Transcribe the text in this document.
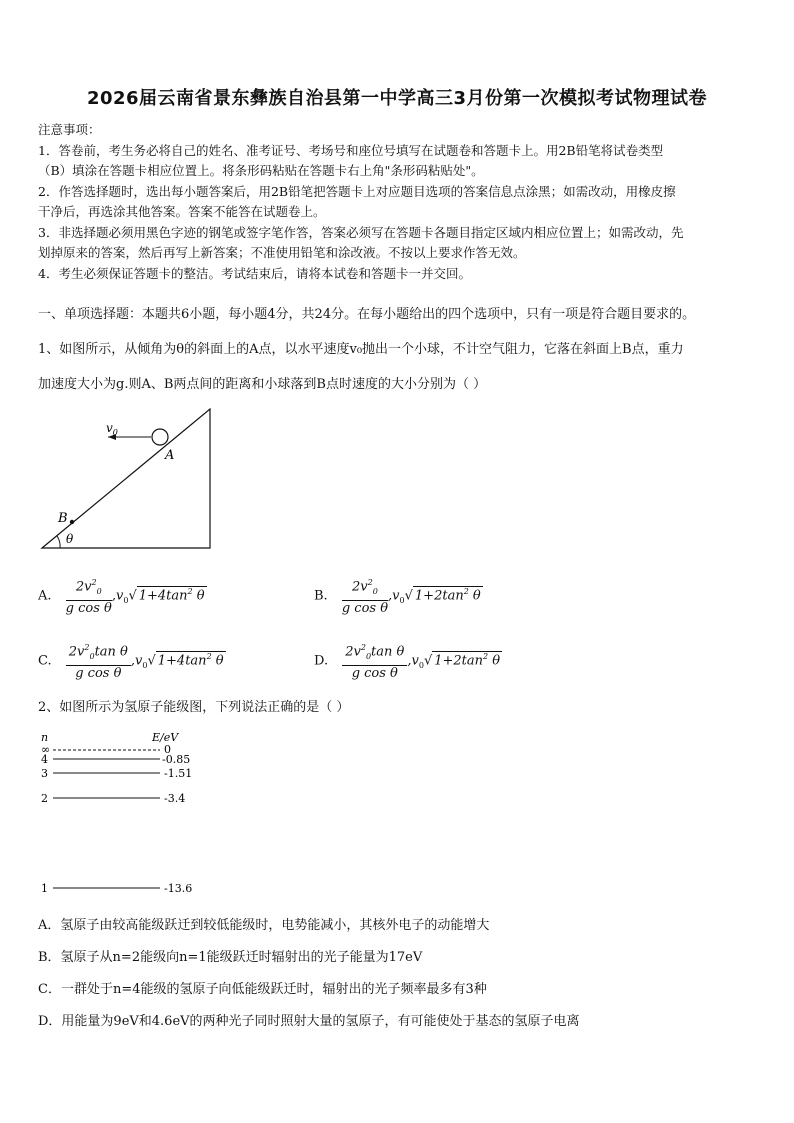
2026届云南省景东彝族自治县第一中学高三3月份第一次模拟考试物理试卷
注意事项：
1．答卷前，考生务必将自己的姓名、准考证号、考场号和座位号填写在试题卷和答题卡上。用2B铅笔将试卷类型
（B）填涂在答题卡相应位置上。将条形码粘贴在答题卡右上角"条形码粘贴处"。
2．作答选择题时，选出每小题答案后，用2B铅笔把答题卡上对应题目选项的答案信息点涂黑；如需改动，用橡皮擦
干净后，再选涂其他答案。答案不能答在试题卷上。
3．非选择题必须用黑色字迹的钢笔或签字笔作答，答案必须写在答题卡各题目指定区域内相应位置上；如需改动，先
划掉原来的答案，然后再写上新答案；不准使用铅笔和涂改液。不按以上要求作答无效。
4．考生必须保证答题卡的整洁。考试结束后，请将本试卷和答题卡一并交回。
一、单项选择题：本题共6小题，每小题4分，共24分。在每小题给出的四个选项中，只有一项是符合题目要求的。
1、如图所示，从倾角为θ的斜面上的A点，以水平速度v₀抛出一个小球，不计空气阻力，它落在斜面上B点，重力
加速度大小为g.则A、B两点间的距离和小球落到B点时速度的大小分别为（ ）
$v_0$
A
B
θ
A. $\frac{2v^2_0}{\text{g cos θ}} ,v_0√$ $1+4\tan^2$ θ	B. $\frac{2v^2_0}{\text{g cos θ}} ,v_0√$ $1+2\tan^2$ θ
C. $\frac{2v^2_0\tan \theta}{\text{g cos θ}} ,v_0√$ $1+4\tan^2$ θ	D. $\frac{2v^2_0\tan \theta}{\text{g cos θ}} ,v_0√$ $1+2\tan^2$ θ
2、如图所示为氢原子能级图，下列说法正确的是（ ）
n	E/eV
∞	0
4	-0.85
3	-1.51
2	-3.4
1	-13.6
A．氢原子由较高能级跃迁到较低能级时，电势能减小，其核外电子的动能增大
B．氢原子从n=2能级向n=1能级跃迁时辐射出的光子能量为17eV
C．一群处于n=4能级的氢原子向低能级跃迁时，辐射出的光子频率最多有3种
D．用能量为9eV和4.6eV的两种光子同时照射大量的氢原子，有可能使处于基态的氢原子电离
